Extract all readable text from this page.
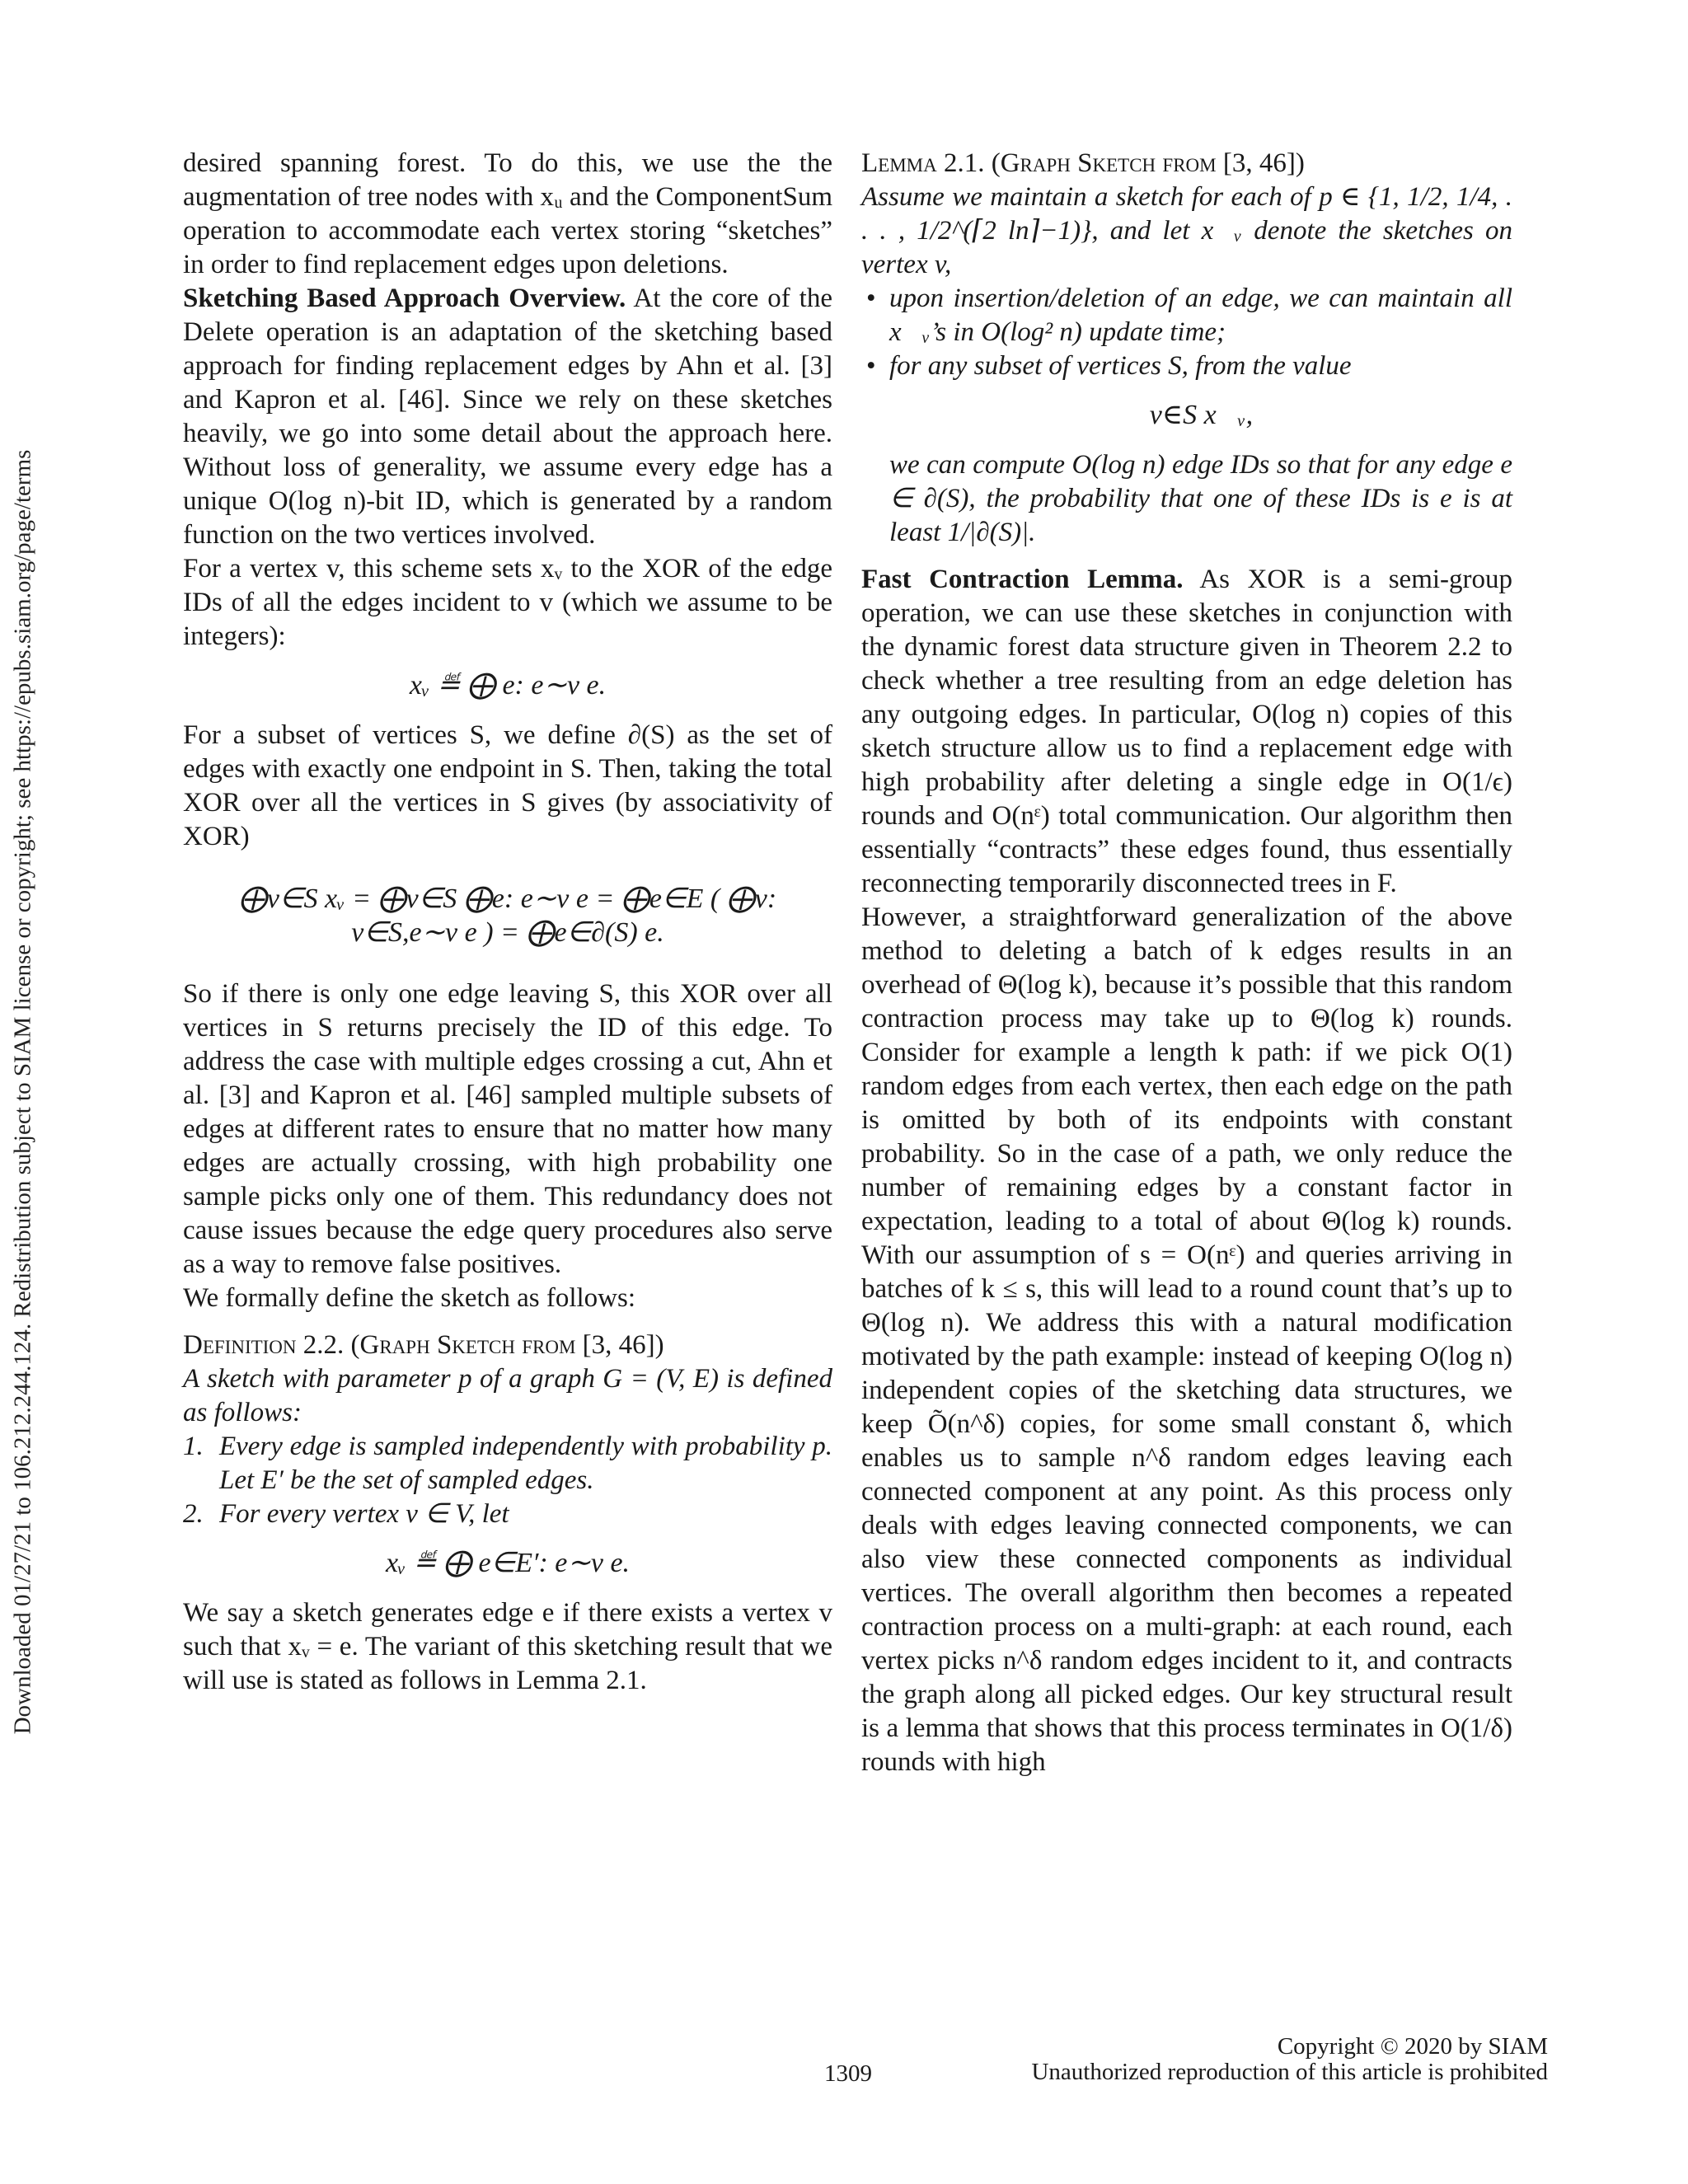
Downloaded 01/27/21 to 106.212.244.124. Redistribution subject to SIAM license or copyright; see https://epubs.siam.org/page/terms

desired spanning forest. To do this, we use the the augmentation of tree nodes with xᵤ and the ComponentSum operation to accommodate each vertex storing “sketches” in order to find replacement edges upon deletions.

Sketching Based Approach Overview. At the core of the Delete operation is an adaptation of the sketching based approach for finding replacement edges by Ahn et al. [3] and Kapron et al. [46]. Since we rely on these sketches heavily, we go into some detail about the approach here. Without loss of generality, we assume every edge has a unique O(log n)-bit ID, which is generated by a random function on the two vertices involved.

For a vertex v, this scheme sets xᵥ to the XOR of the edge IDs of all the edges incident to v (which we assume to be integers):

xᵥ ≝ ⨁ e: e∼v e.

For a subset of vertices S, we define ∂(S) as the set of edges with exactly one endpoint in S. Then, taking the total XOR over all the vertices in S gives (by associativity of XOR)

⨁v∈S xᵥ = ⨁v∈S ⨁e: e∼v e = ⨁e∈E ( ⨁v: v∈S,e∼v e ) = ⨁e∈∂(S) e.

So if there is only one edge leaving S, this XOR over all vertices in S returns precisely the ID of this edge. To address the case with multiple edges crossing a cut, Ahn et al. [3] and Kapron et al. [46] sampled multiple subsets of edges at different rates to ensure that no matter how many edges are actually crossing, with high probability one sample picks only one of them. This redundancy does not cause issues because the edge query procedures also serve as a way to remove false positives.

We formally define the sketch as follows:

Definition 2.2. (Graph Sketch from [3, 46])

A sketch with parameter p of a graph G = (V, E) is defined as follows:

1. Every edge is sampled independently with probability p. Let E′ be the set of sampled edges.
2. For every vertex v ∈ V, let
xᵥ ≝ ⨁ e∈E′: e∼v e.

We say a sketch generates edge e if there exists a vertex v such that xᵥ = e. The variant of this sketching result that we will use is stated as follows in Lemma 2.1.

Lemma 2.1. (Graph Sketch from [3, 46])

Assume we maintain a sketch for each of p ∈ {1, 1/2, 1/4, . . . , 1/2^(⌈2 ln⌉−1)}, and let x⃗ᵥ denote the sketches on vertex v,

• upon insertion/deletion of an edge, we can maintain all x⃗ᵥ’s in O(log² n) update time;
• for any subset of vertices S, from the value
⨁ v∈S x⃗ᵥ,

we can compute O(log n) edge IDs so that for any edge e ∈ ∂(S), the probability that one of these IDs is e is at least 1/|∂(S)|.

Fast Contraction Lemma. As XOR is a semi-group operation, we can use these sketches in conjunction with the dynamic forest data structure given in Theorem 2.2 to check whether a tree resulting from an edge deletion has any outgoing edges. In particular, O(log n) copies of this sketch structure allow us to find a replacement edge with high probability after deleting a single edge in O(1/ϵ) rounds and O(nᵋ) total communication. Our algorithm then essentially “contracts” these edges found, thus essentially reconnecting temporarily disconnected trees in F.

However, a straightforward generalization of the above method to deleting a batch of k edges results in an overhead of Θ(log k), because it’s possible that this random contraction process may take up to Θ(log k) rounds. Consider for example a length k path: if we pick O(1) random edges from each vertex, then each edge on the path is omitted by both of its endpoints with constant probability. So in the case of a path, we only reduce the number of remaining edges by a constant factor in expectation, leading to a total of about Θ(log k) rounds. With our assumption of s = O(nᵋ) and queries arriving in batches of k ≤ s, this will lead to a round count that’s up to Θ(log n). We address this with a natural modification motivated by the path example: instead of keeping O(log n) independent copies of the sketching data structures, we keep Õ(n^δ) copies, for some small constant δ, which enables us to sample n^δ random edges leaving each connected component at any point. As this process only deals with edges leaving connected components, we can also view these connected components as individual vertices. The overall algorithm then becomes a repeated contraction process on a multi-graph: at each round, each vertex picks n^δ random edges incident to it, and contracts the graph along all picked edges. Our key structural result is a lemma that shows that this process terminates in O(1/δ) rounds with high

1309
Copyright © 2020 by SIAM
Unauthorized reproduction of this article is prohibited
